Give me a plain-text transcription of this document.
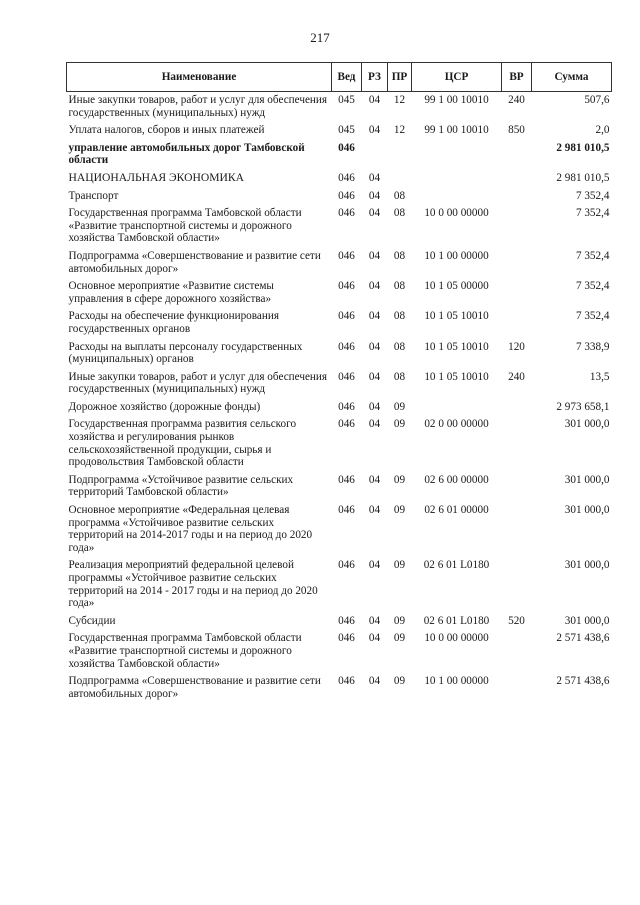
217
Наименование	Вед	РЗ	ПР	ЦСР	ВР	Сумма
Иные закупки товаров, работ и услуг для обеспечения государственных (муниципальных) нужд	045	04	12	99 1 00 10010	240	507,6
Уплата налогов, сборов и иных платежей	045	04	12	99 1 00 10010	850	2,0
управление автомобильных дорог Тамбовской области	046					2 981 010,5
НАЦИОНАЛЬНАЯ ЭКОНОМИКА	046	04				2 981 010,5
Транспорт	046	04	08			7 352,4
Государственная программа Тамбовской области «Развитие транспортной системы и дорожного хозяйства Тамбовской области»	046	04	08	10 0 00 00000		7 352,4
Подпрограмма «Совершенствование и развитие сети автомобильных дорог»	046	04	08	10 1 00 00000		7 352,4
Основное мероприятие «Развитие системы управления в сфере дорожного хозяйства»	046	04	08	10 1 05 00000		7 352,4
Расходы на обеспечение функционирования государственных органов	046	04	08	10 1 05 10010		7 352,4
Расходы на выплаты персоналу государственных (муниципальных) органов	046	04	08	10 1 05 10010	120	7 338,9
Иные закупки товаров, работ и услуг для обеспечения государственных (муниципальных) нужд	046	04	08	10 1 05 10010	240	13,5
Дорожное хозяйство (дорожные фонды)	046	04	09			2 973 658,1
Государственная программа развития сельского хозяйства и регулирования рынков сельскохозяйственной продукции, сырья и продовольствия Тамбовской области	046	04	09	02 0 00 00000		301 000,0
Подпрограмма «Устойчивое развитие сельских территорий Тамбовской области»	046	04	09	02 6 00 00000		301 000,0
Основное мероприятие «Федеральная целевая программа «Устойчивое развитие сельских территорий на 2014-2017 годы и на период до 2020 года»	046	04	09	02 6 01 00000		301 000,0
Реализация мероприятий федеральной целевой программы «Устойчивое развитие сельских территорий на 2014 - 2017 годы и на период до 2020 года»	046	04	09	02 6 01 L0180		301 000,0
Субсидии	046	04	09	02 6 01 L0180	520	301 000,0
Государственная программа Тамбовской области «Развитие транспортной системы и дорожного хозяйства Тамбовской области»	046	04	09	10 0 00 00000		2 571 438,6
Подпрограмма «Совершенствование и развитие сети автомобильных дорог»	046	04	09	10 1 00 00000		2 571 438,6
